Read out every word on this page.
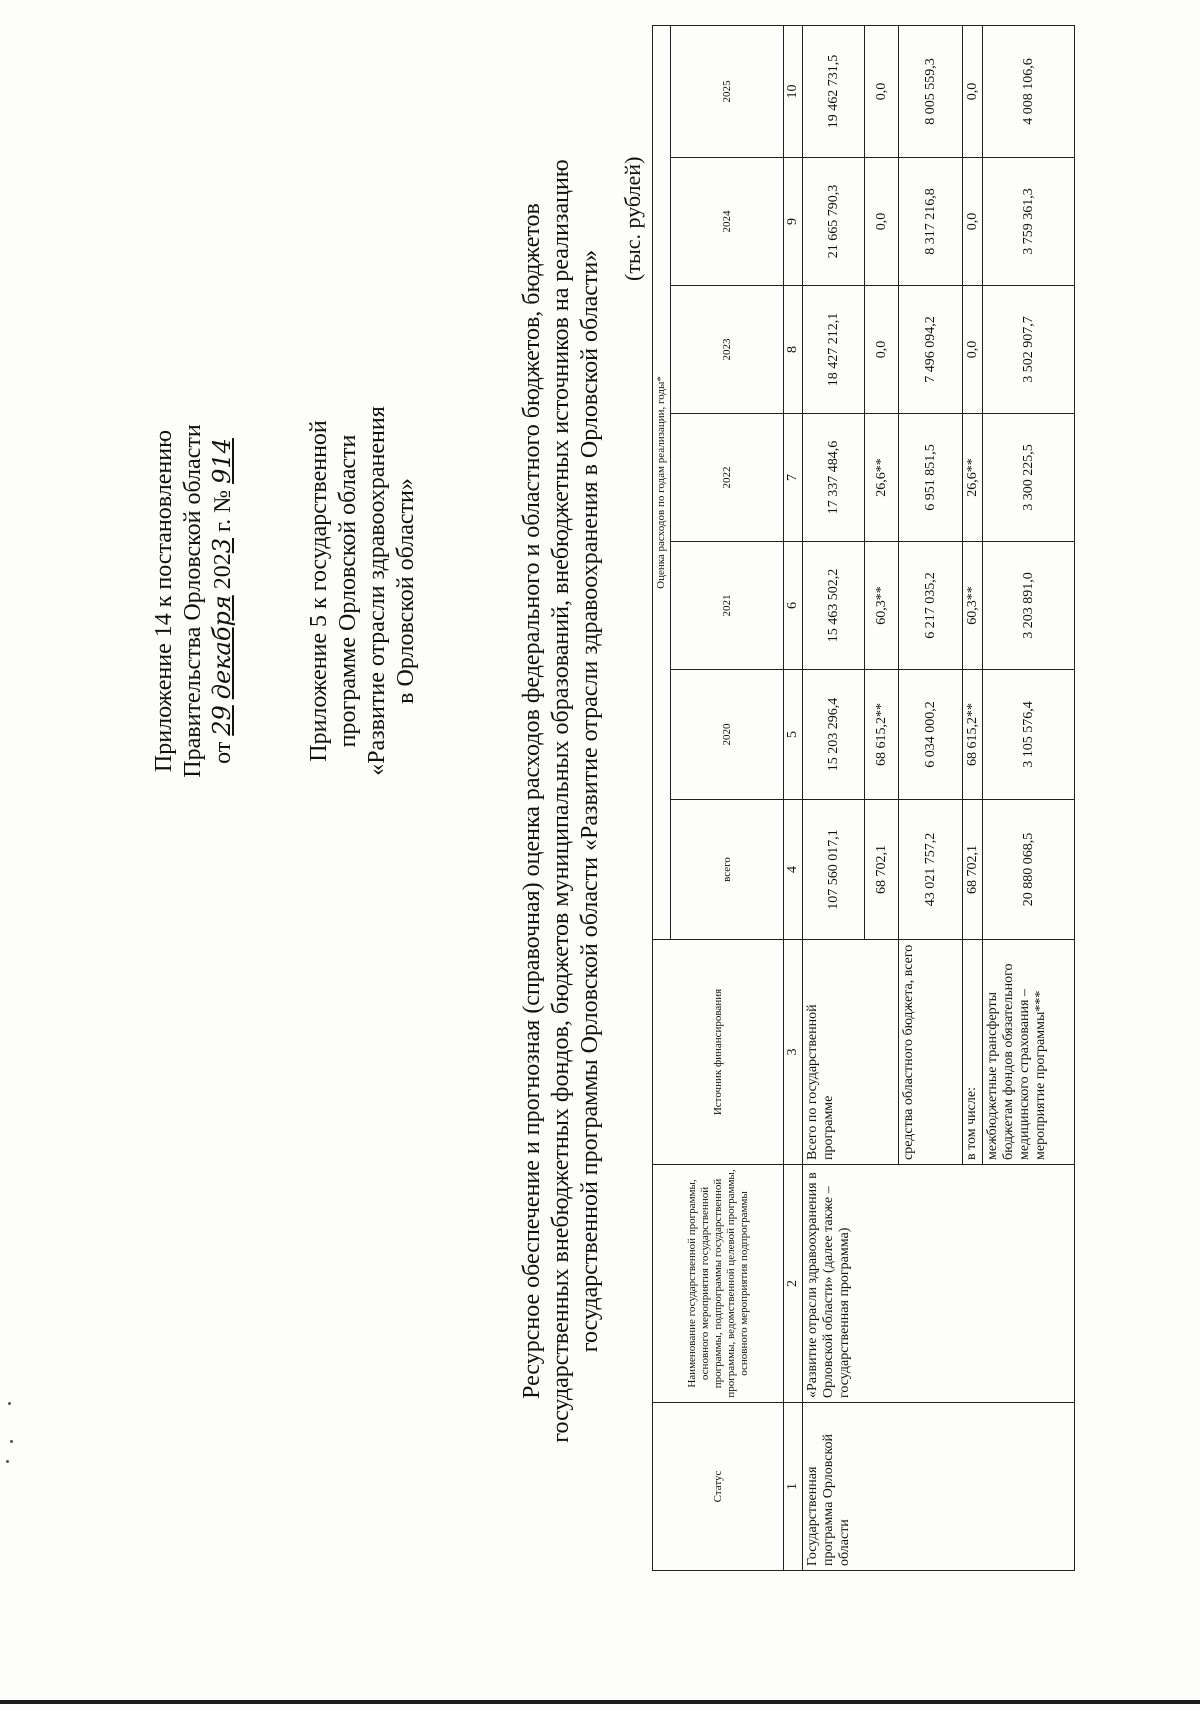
Приложение 14 к постановлению Правительства Орловской области от 29 декабря 2023 г. № 914	Приложение 5 к государственной программе Орловской области «Развитие отрасли здравоохранения в Орловской области»	Ресурсное обеспечение и прогнозная (справочная) оценка расходов федерального и областного бюджетов, бюджетов государственных внебюджетных фондов, бюджетов муниципальных образований, внебюджетных источников на реализацию государственной программы Орловской области «Развитие отрасли здравоохранения в Орловской области»
(тыс. рублей)
Статус	Наименование государственной программы, основного мероприятия государственной программы, подпрограммы государственной программы, ведомственной целевой программы, основного мероприятия подпрограммы	Источник финансирования	Оценка расходов по годам реализации, годы*						
			всего	2020	2021	2022	2023	2024	2025
1	2	3	4	5	6	7	8	9	10
Государственная программа Орловской области	«Развитие отрасли здравоохранения в Орловской области» (далее также – государственная программа)	Всего по государственной программе	107 560 017,1	15 203 296,4	15 463 502,2	17 337 484,6	18 427 212,1	21 665 790,3	19 462 731,5
			68 702,1	68 615,2**	60,3**	26,6**	0,0	0,0	0,0
		средства областного бюджета, всего	43 021 757,2	6 034 000,2	6 217 035,2	6 951 851,5	7 496 094,2	8 317 216,8	8 005 559,3
		в том числе:	68 702,1	68 615,2**	60,3**	26,6**	0,0	0,0	0,0
		межбюджетные трансферты бюджетам фондов обязательного медицинского страхования – мероприятие программы***	20 880 068,5	3 105 576,4	3 203 891,0	3 300 225,5	3 502 907,7	3 759 361,3	4 008 106,6
